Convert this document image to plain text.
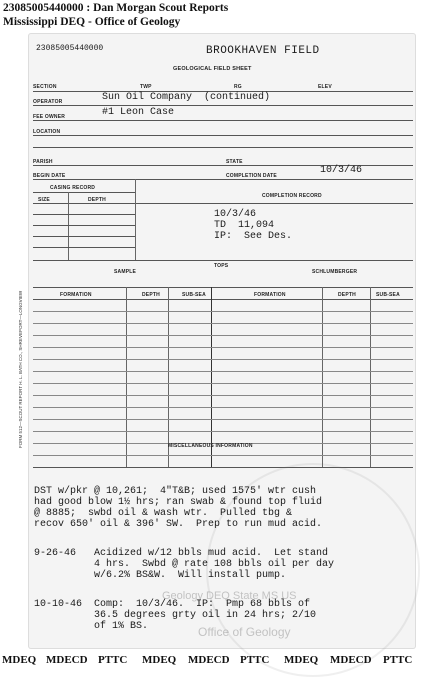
23085005440000 : Dan Morgan Scout Reports
Mississippi DEQ - Office of Geology
23085005440000	BROOKHAVEN FIELD
GEOLOGICAL FIELD SHEET
SECTION	TWP	RG	ELEV
OPERATOR	Sun Oil Company  (continued)
FEE OWNER	#1 Leon Case
LOCATION
PARISH	STATE
BEGIN DATE	COMPLETION DATE	10/3/46
CASING RECORD
SIZE	DEPTH
COMPLETION RECORD
10/3/46
TD  11,094
IP:  See Des.
TOPS
SAMPLE	SCHLUMBERGER
FORMATION	DEPTH	SUB-SEA	FORMATION	DEPTH	SUB-SEA
FORM 512—SCOUT REPORT H. L. BATH CO., SHREVEPORT—LONGVIEW	MISCELLANEOUS INFORMATION
DST w/pkr @ 10,261;  4"T&B; used 1575' wtr cush
had good blow 1½ hrs; ran swab & found top fluid
@ 8885;  swbd oil & wash wtr.  Pulled tbg &
recov 650' oil & 396' SW.  Prep to run mud acid.
9-26-46   Acidized w/12 bbls mud acid.  Let stand
4 hrs.  Swbd @ rate 108 bbls oil per day
w/6.2% BS&W.  Will install pump.
10-10-46  Comp:  10/3/46.  IP:  Pmp 68 bbls of
36.5 degrees grty oil in 24 hrs; 2/10
of 1% BS.
Geology DEQ State MS US
Office of Geology
MDEQ MDECD PTTC MDEQ MDECD PTTC MDEQ MDECD PTTC
